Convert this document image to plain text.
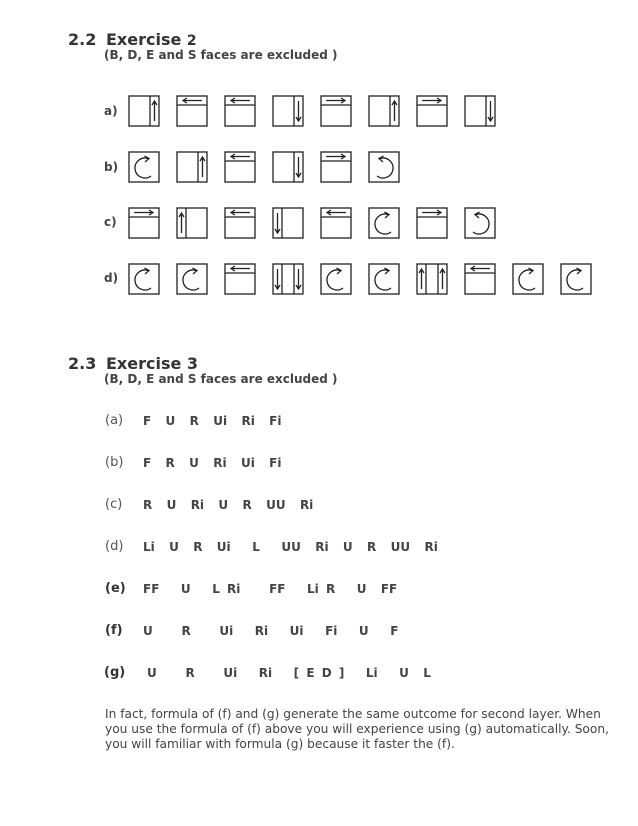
2.2 Exercise 2
(B, D, E and S faces are excluded )
a)
b)
c)
d)
2.3 Exercise 3
(B, D, E and S faces are excluded )
(a) F  U  R  Ui  Ri  Fi
(b) F  R  U  Ri  Ui  Fi
(c) R  U  Ri  U  R  UU  Ri
(d) Li  U  R  Ui   L   UU  Ri  U  R  UU  Ri
(e) FF   U   L Ri    FF   Li R   U  FF
(f) U    R    Ui   Ri   Ui   Fi   U   F
(g) U    R    Ui   Ri   [ E D ]   Li   U  L
In fact, formula of (f) and (g) generate the same outcome for second layer. When you use the formula of (f) above you will experience using (g) automatically. Soon, you will familiar with formula (g) because it faster the (f).
